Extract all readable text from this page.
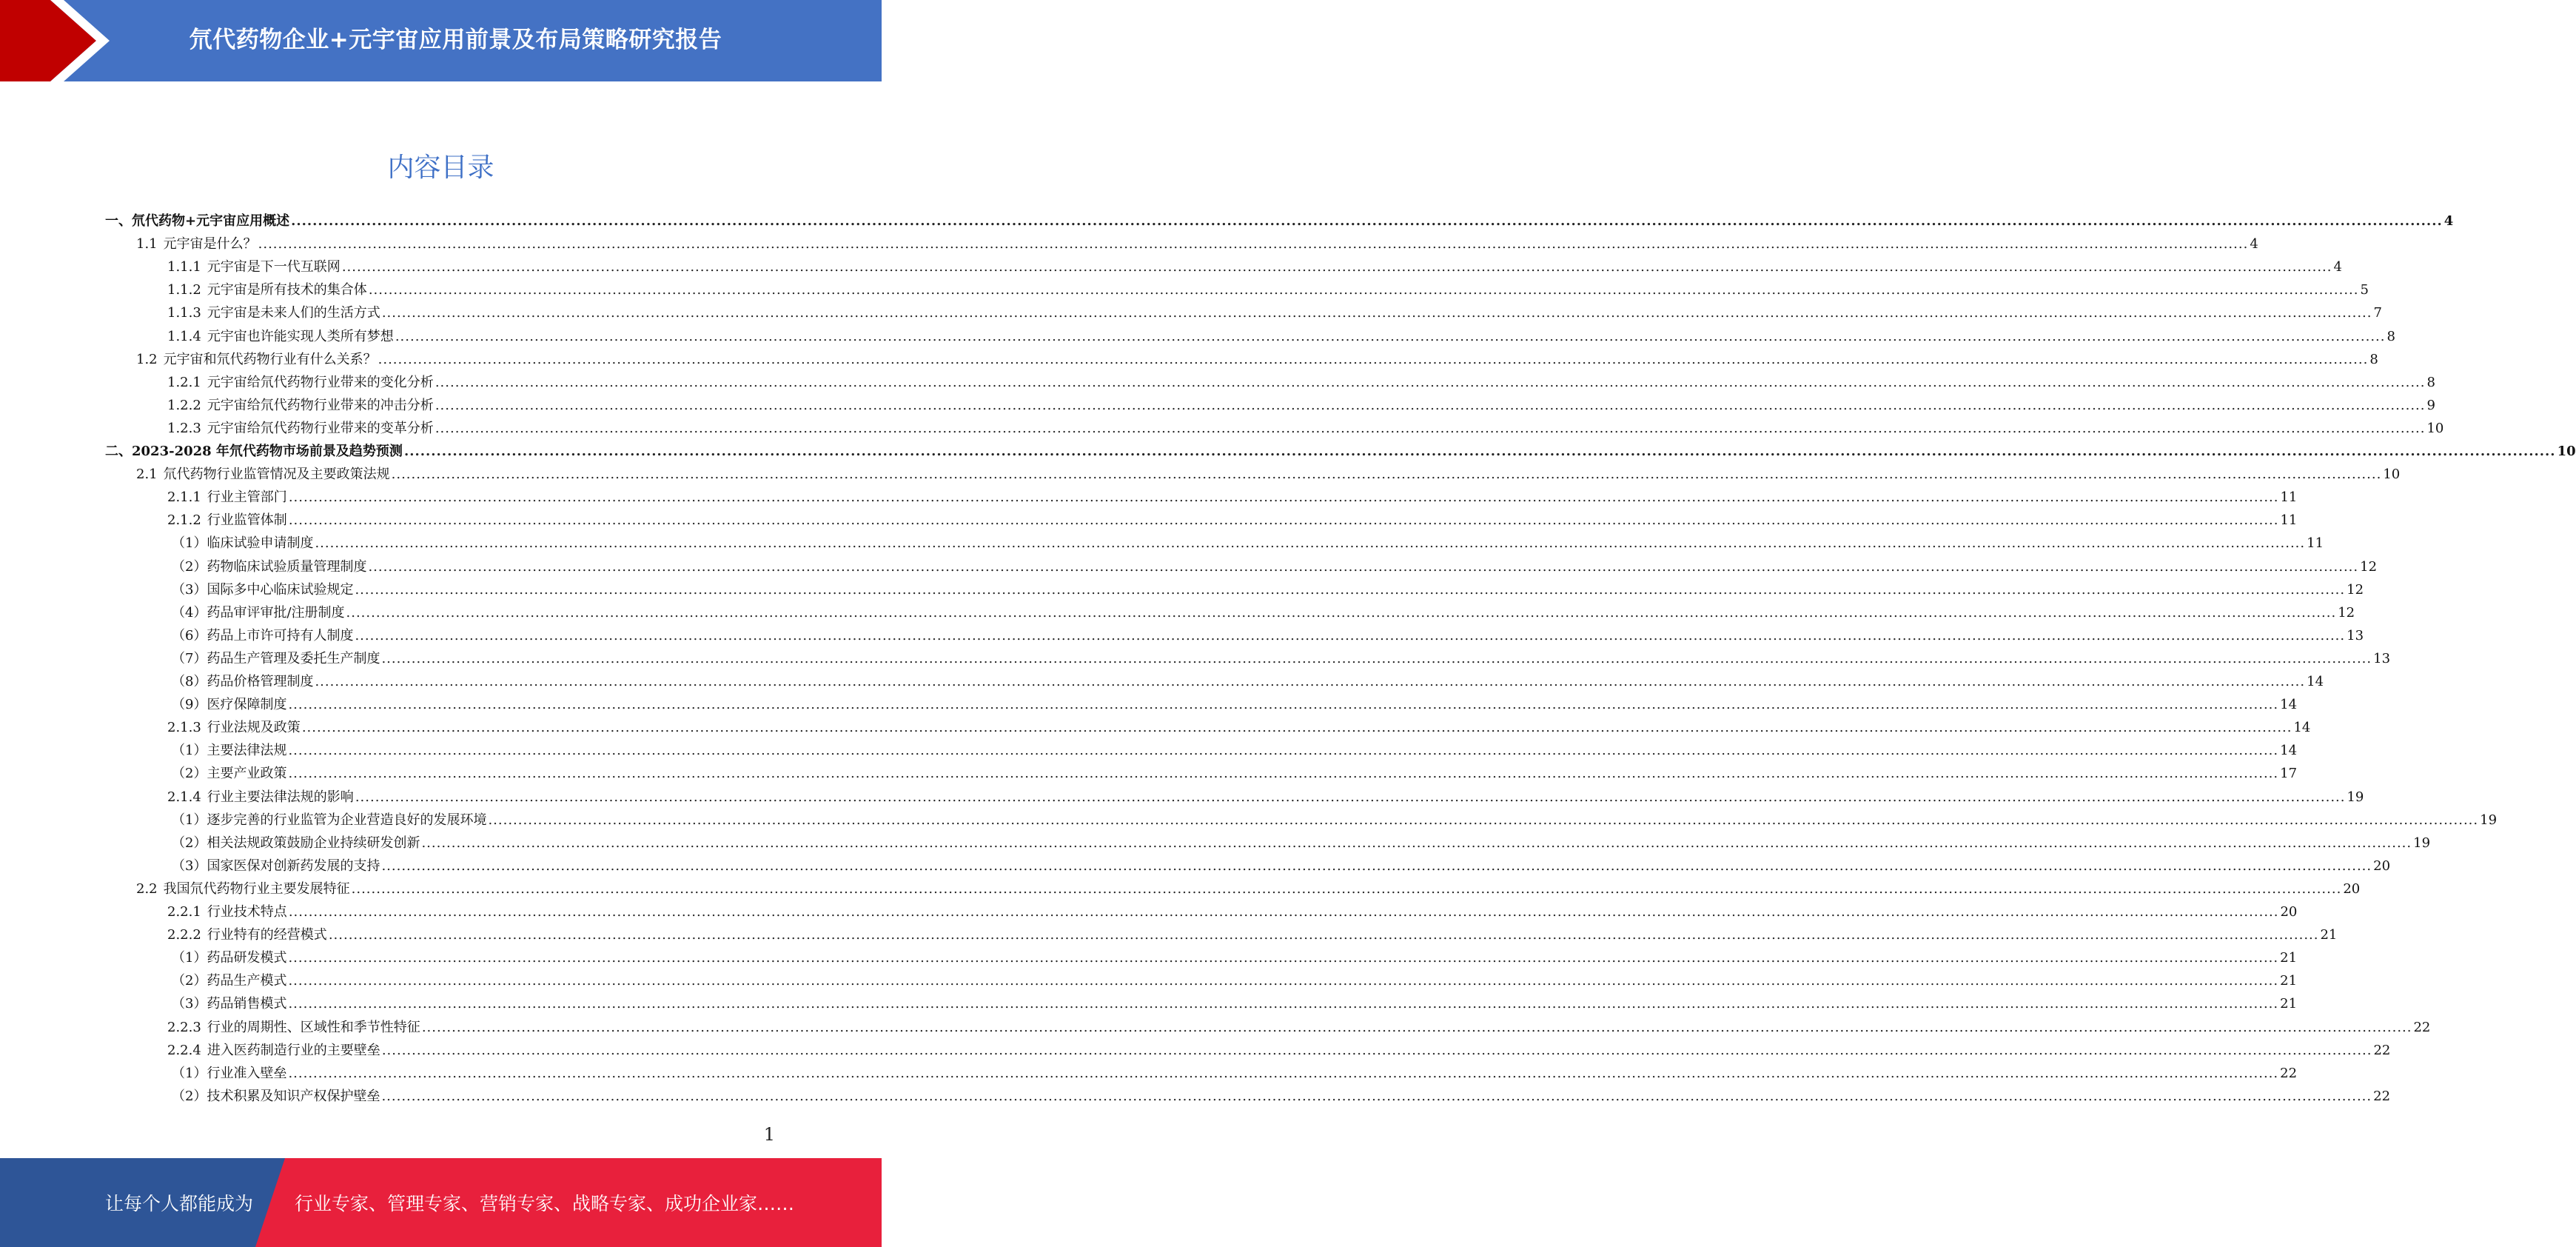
氘代药物企业+元宇宙应用前景及布局策略研究报告
内容目录
一、 氘代药物+元宇宙应用概述 ................................................................................................................................................................................................................................................................................................................................................................................................................ 4
1.1 元宇宙是什么？ ................................................................................................................................................................................................................................................................................................................................................................................................................ 4
1.1.1 元宇宙是下一代互联网 ................................................................................................................................................................................................................................................................................................................................................................................................................ 4
1.1.2 元宇宙是所有技术的集合体 ................................................................................................................................................................................................................................................................................................................................................................................................................ 5
1.1.3 元宇宙是未来人们的生活方式 ................................................................................................................................................................................................................................................................................................................................................................................................................ 7
1.1.4 元宇宙也许能实现人类所有梦想 ................................................................................................................................................................................................................................................................................................................................................................................................................ 8
1.2 元宇宙和氘代药物行业有什么关系？ ................................................................................................................................................................................................................................................................................................................................................................................................................ 8
1.2.1 元宇宙给氘代药物行业带来的变化分析 ................................................................................................................................................................................................................................................................................................................................................................................................................ 8
1.2.2 元宇宙给氘代药物行业带来的冲击分析 ................................................................................................................................................................................................................................................................................................................................................................................................................ 9
1.2.3 元宇宙给氘代药物行业带来的变革分析 ................................................................................................................................................................................................................................................................................................................................................................................................................ 10
二、 2023-2028 年氘代药物市场前景及趋势预测 ................................................................................................................................................................................................................................................................................................................................................................................................................ 10
2.1 氘代药物行业监管情况及主要政策法规 ................................................................................................................................................................................................................................................................................................................................................................................................................ 10
2.1.1 行业主管部门 ................................................................................................................................................................................................................................................................................................................................................................................................................ 11
2.1.2 行业监管体制 ................................................................................................................................................................................................................................................................................................................................................................................................................ 11
（1）临床试验申请制度 ................................................................................................................................................................................................................................................................................................................................................................................................................ 11
（2）药物临床试验质量管理制度 ................................................................................................................................................................................................................................................................................................................................................................................................................ 12
（3）国际多中心临床试验规定 ................................................................................................................................................................................................................................................................................................................................................................................................................ 12
（4）药品审评审批/注册制度 ................................................................................................................................................................................................................................................................................................................................................................................................................ 12
（6）药品上市许可持有人制度 ................................................................................................................................................................................................................................................................................................................................................................................................................ 13
（7）药品生产管理及委托生产制度 ................................................................................................................................................................................................................................................................................................................................................................................................................ 13
（8）药品价格管理制度 ................................................................................................................................................................................................................................................................................................................................................................................................................ 14
（9）医疗保障制度 ................................................................................................................................................................................................................................................................................................................................................................................................................ 14
2.1.3 行业法规及政策 ................................................................................................................................................................................................................................................................................................................................................................................................................ 14
（1）主要法律法规 ................................................................................................................................................................................................................................................................................................................................................................................................................ 14
（2）主要产业政策 ................................................................................................................................................................................................................................................................................................................................................................................................................ 17
2.1.4 行业主要法律法规的影响 ................................................................................................................................................................................................................................................................................................................................................................................................................ 19
（1）逐步完善的行业监管为企业营造良好的发展环境 ................................................................................................................................................................................................................................................................................................................................................................................................................ 19
（2）相关法规政策鼓励企业持续研发创新 ................................................................................................................................................................................................................................................................................................................................................................................................................ 19
（3）国家医保对创新药发展的支持 ................................................................................................................................................................................................................................................................................................................................................................................................................ 20
2.2 我国氘代药物行业主要发展特征 ................................................................................................................................................................................................................................................................................................................................................................................................................ 20
2.2.1 行业技术特点 ................................................................................................................................................................................................................................................................................................................................................................................................................ 20
2.2.2 行业特有的经营模式 ................................................................................................................................................................................................................................................................................................................................................................................................................ 21
（1）药品研发模式 ................................................................................................................................................................................................................................................................................................................................................................................................................ 21
（2）药品生产模式 ................................................................................................................................................................................................................................................................................................................................................................................................................ 21
（3）药品销售模式 ................................................................................................................................................................................................................................................................................................................................................................................................................ 21
2.2.3 行业的周期性、区域性和季节性特征 ................................................................................................................................................................................................................................................................................................................................................................................................................ 22
2.2.4 进入医药制造行业的主要壁垒 ................................................................................................................................................................................................................................................................................................................................................................................................................ 22
（1）行业准入壁垒 ................................................................................................................................................................................................................................................................................................................................................................................................................ 22
（2）技术积累及知识产权保护壁垒 ................................................................................................................................................................................................................................................................................................................................................................................................................ 22
1
让每个人都能成为 行业专家、管理专家、营销专家、战略专家、成功企业家……
